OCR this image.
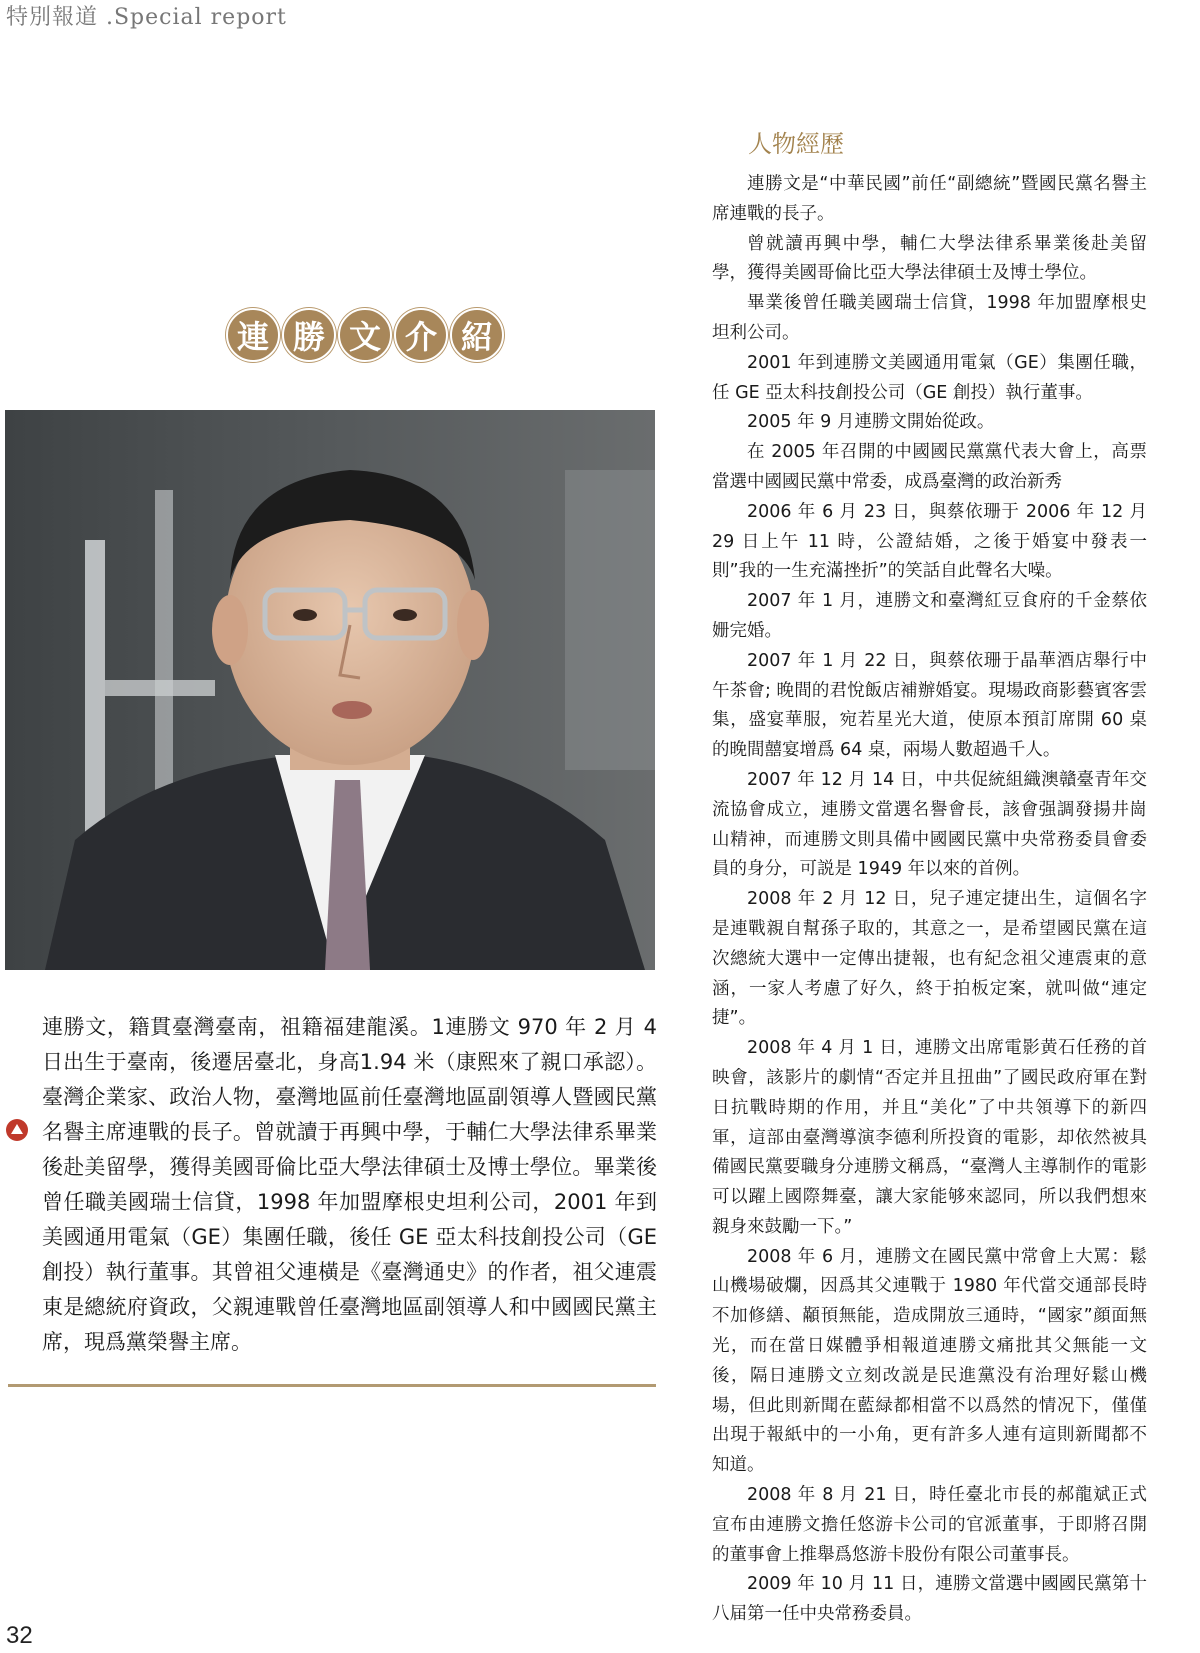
特別報道 .Special report
連 勝 文 介 紹
連勝文，籍貫臺灣臺南，祖籍福建龍溪。1連勝文 970 年 2 月 4 日出生于臺南，後遷居臺北，身高1.94 米（康熙來了親口承認）。臺灣企業家、政治人物，臺灣地區前任臺灣地區副領導人暨國民黨名譽主席連戰的長子。曾就讀于再興中學，于輔仁大學法律系畢業後赴美留學，獲得美國哥倫比亞大學法律碩士及博士學位。畢業後曾任職美國瑞士信貸，1998 年加盟摩根史坦利公司，2001 年到美國通用電氣（GE）集團任職，後任 GE 亞太科技創投公司（GE 創投）執行董事。其曾祖父連橫是《臺灣通史》的作者，祖父連震東是總統府資政，父親連戰曾任臺灣地區副領導人和中國國民黨主席，現爲黨榮譽主席。
人物經歷

連勝文是“中華民國”前任“副總統”暨國民黨名譽主席連戰的長子。

曾就讀再興中學，輔仁大學法律系畢業後赴美留學，獲得美國哥倫比亞大學法律碩士及博士學位。

畢業後曾任職美國瑞士信貸，1998 年加盟摩根史坦利公司。

2001 年到連勝文美國通用電氣（GE）集團任職，任 GE 亞太科技創投公司（GE 創投）執行董事。

2005 年 9 月連勝文開始從政。

在 2005 年召開的中國國民黨黨代表大會上，高票當選中國國民黨中常委，成爲臺灣的政治新秀

2006 年 6 月 23 日，與蔡依珊于 2006 年 12 月 29 日上午 11 時，公證結婚，之後于婚宴中發表一則”我的一生充滿挫折”的笑話自此聲名大噪。

2007 年 1 月，連勝文和臺灣紅豆食府的千金蔡依姗完婚。

2007 年 1 月 22 日，與蔡依珊于晶華酒店舉行中午茶會; 晚間的君悅飯店補辦婚宴。現場政商影藝賓客雲集，盛宴華服，宛若星光大道，使原本預訂席開 60 桌的晚間囍宴增爲 64 桌，兩場人數超過千人。

2007 年 12 月 14 日，中共促統組織澳贛臺青年交流協會成立，連勝文當選名譽會長，該會强調發揚井崗山精神，而連勝文則具備中國國民黨中央常務委員會委員的身分，可説是 1949 年以來的首例。

2008 年 2 月 12 日，兒子連定捷出生，這個名字是連戰親自幫孫子取的，其意之一，是希望國民黨在這次總統大選中一定傳出捷報，也有紀念祖父連震東的意涵，一家人考慮了好久，終于拍板定案，就叫做“連定捷”。

2008 年 4 月 1 日，連勝文出席電影黄石任務的首映會，該影片的劇情“否定并且扭曲”了國民政府軍在對日抗戰時期的作用，并且“美化”了中共領導下的新四軍，這部由臺灣導演李德利所投資的電影，却依然被具備國民黨要職身分連勝文稱爲，“臺灣人主導制作的電影可以躍上國際舞臺，讓大家能够來認同，所以我們想來親身來鼓勵一下。”

2008 年 6 月，連勝文在國民黨中常會上大罵：鬆山機場破爛，因爲其父連戰于 1980 年代當交通部長時不加修繕、顢頇無能，造成開放三通時，“國家”顔面無光，而在當日媒體爭相報道連勝文痛批其父無能一文後，隔日連勝文立刻改説是民進黨没有治理好鬆山機場，但此則新聞在藍緑都相當不以爲然的情况下，僅僅出現于報紙中的一小角，更有許多人連有這則新聞都不知道。

2008 年 8 月 21 日，時任臺北市長的郝龍斌正式宣布由連勝文擔任悠游卡公司的官派董事，于即將召開的董事會上推舉爲悠游卡股份有限公司董事長。

2009 年 10 月 11 日，連勝文當選中國國民黨第十八届第一任中央常務委員。

32
